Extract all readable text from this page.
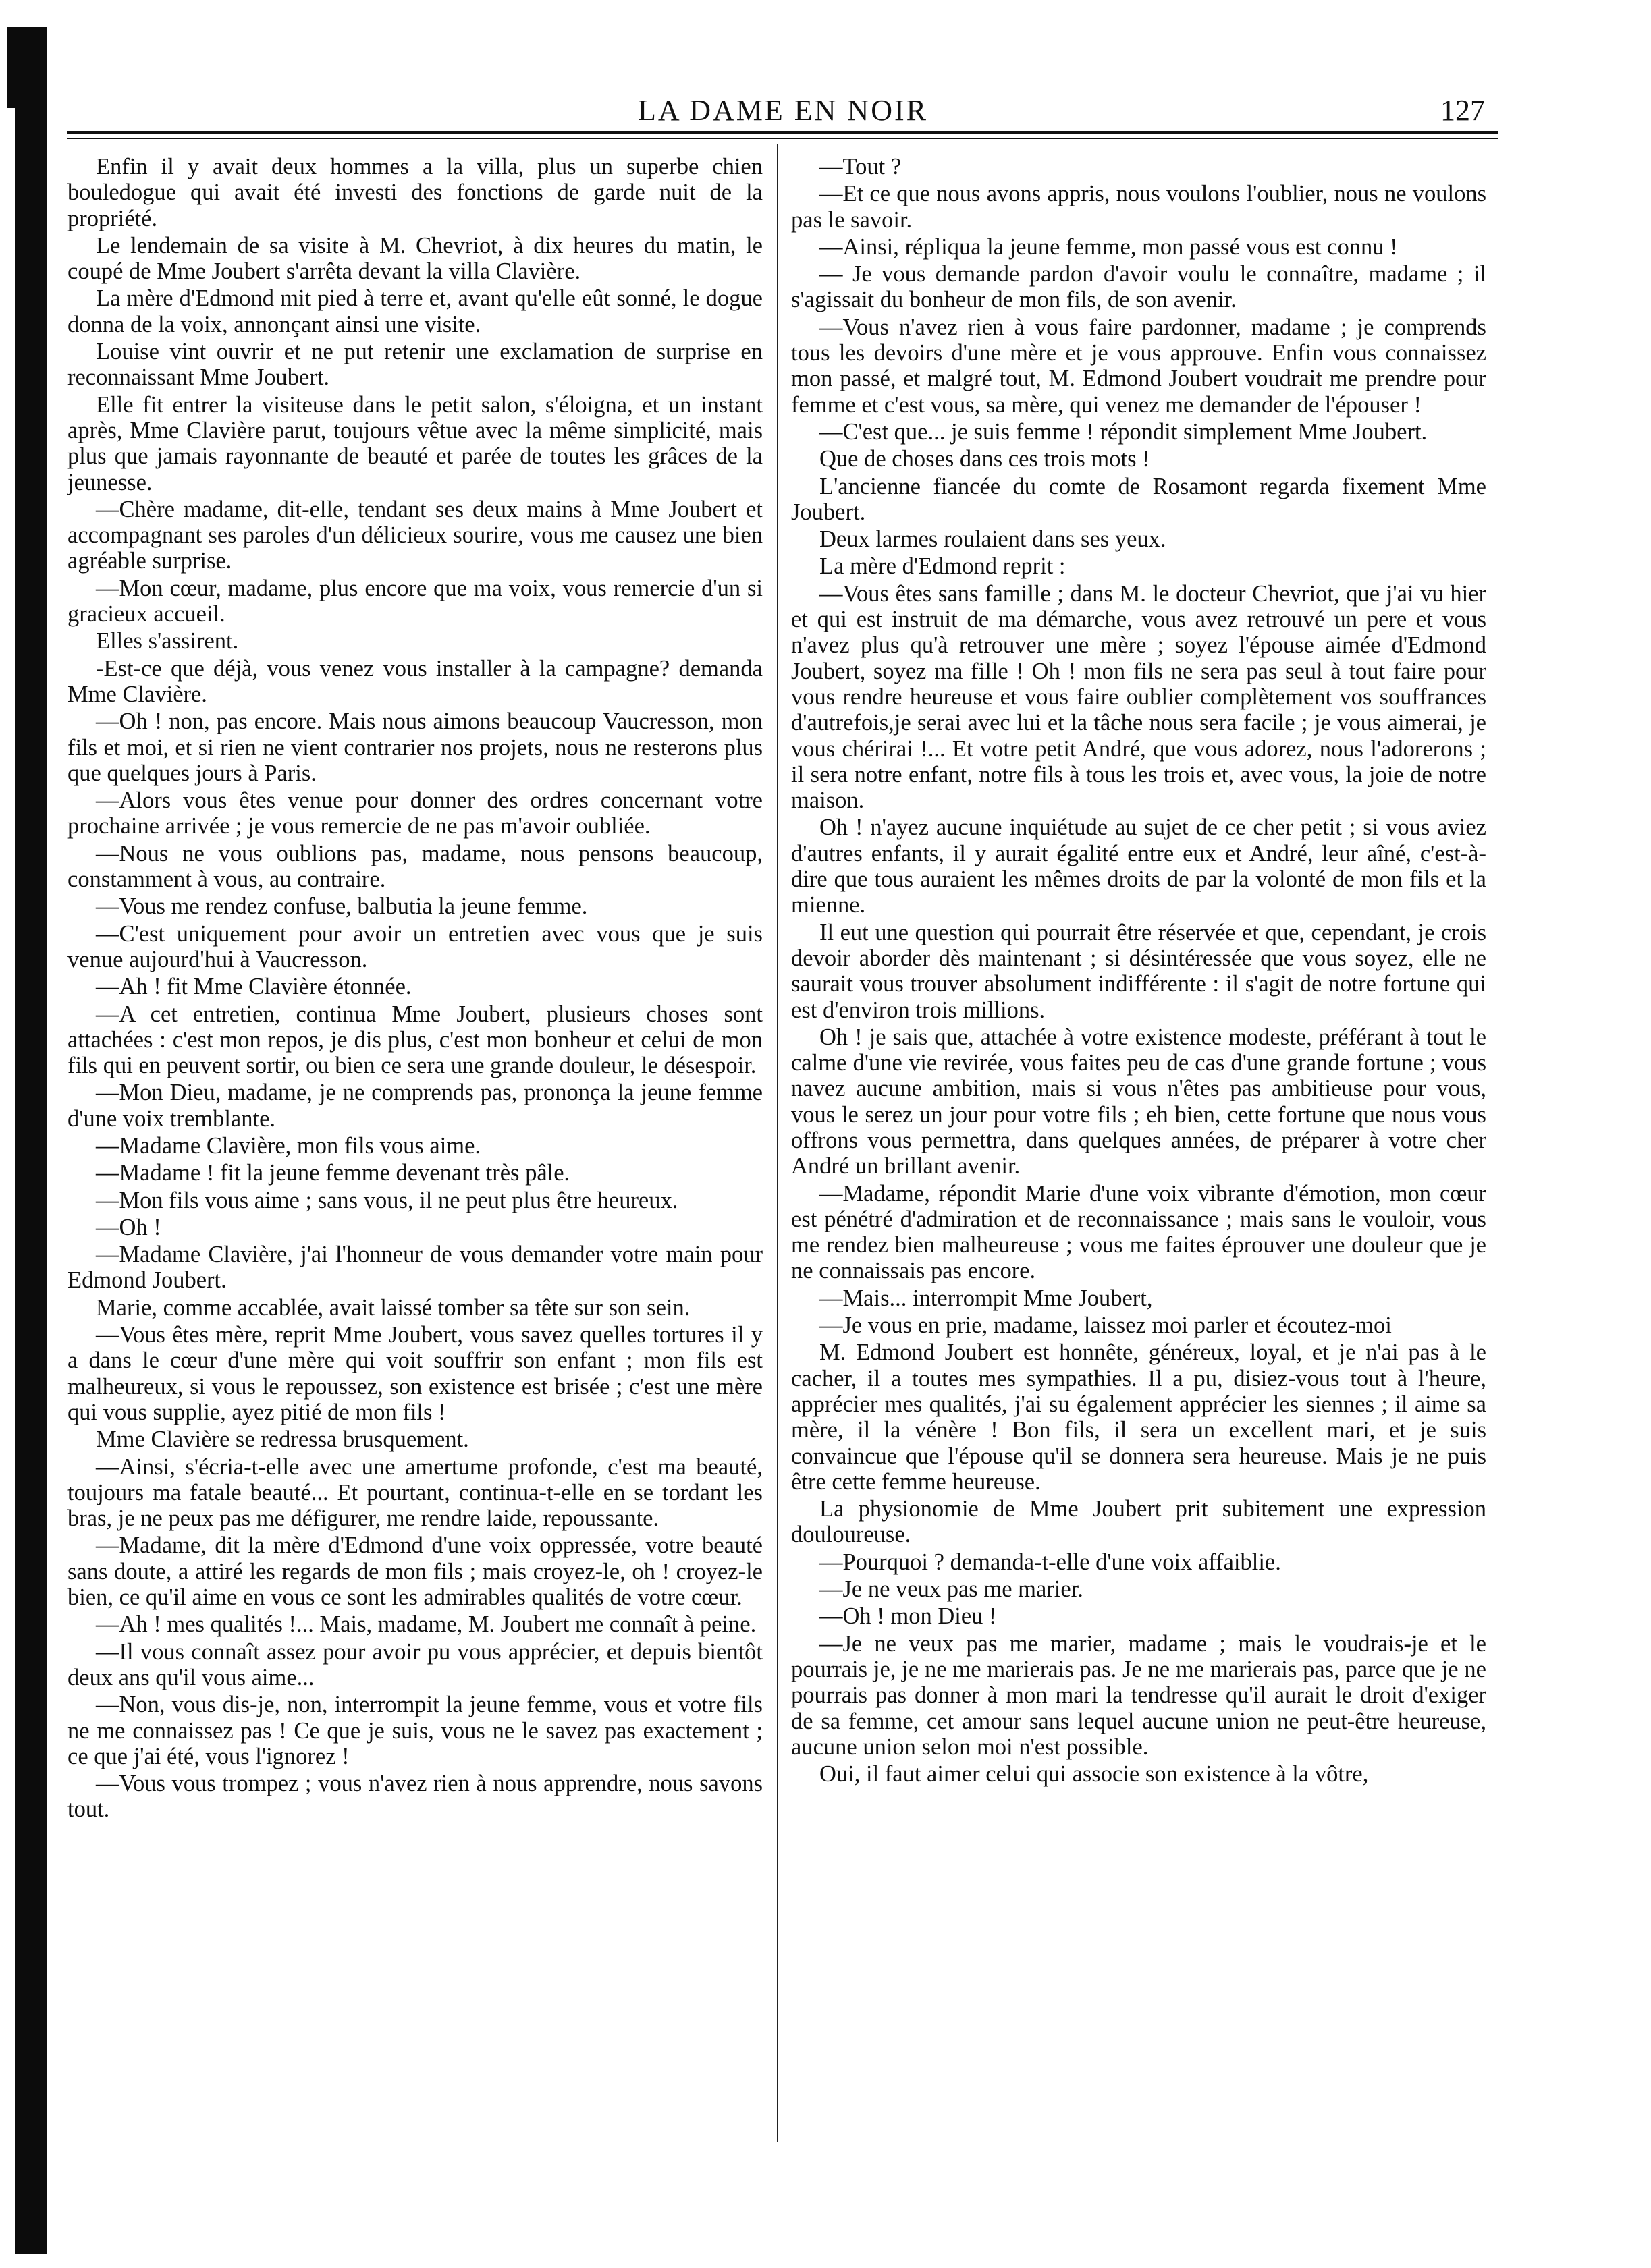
LA DAME EN NOIR	127

Enfin il y avait deux hommes a la villa, plus un superbe chien bouledogue qui avait été investi des fonctions de garde nuit de la propriété.

Le lendemain de sa visite à M. Chevriot, à dix heures du matin, le coupé de Mme Joubert s'arrêta devant la villa Clavière.

La mère d'Edmond mit pied à terre et, avant qu'elle eût sonné, le dogue donna de la voix, annonçant ainsi une visite.

Louise vint ouvrir et ne put retenir une exclamation de surprise en reconnaissant Mme Joubert.

Elle fit entrer la visiteuse dans le petit salon, s'éloigna, et un instant après, Mme Clavière parut, toujours vêtue avec la même simplicité, mais plus que jamais rayonnante de beauté et parée de toutes les grâces de la jeunesse.

—Chère madame, dit-elle, tendant ses deux mains à Mme Joubert et accompagnant ses paroles d'un délicieux sourire, vous me causez une bien agréable surprise.

—Mon cœur, madame, plus encore que ma voix, vous remercie d'un si gracieux accueil.

Elles s'assirent.

-Est-ce que déjà, vous venez vous installer à la campagne? demanda Mme Clavière.

—Oh ! non, pas encore. Mais nous aimons beaucoup Vaucresson, mon fils et moi, et si rien ne vient contrarier nos projets, nous ne resterons plus que quelques jours à Paris.

—Alors vous êtes venue pour donner des ordres concernant votre prochaine arrivée ; je vous remercie de ne pas m'avoir oubliée.

—Nous ne vous oublions pas, madame, nous pensons beaucoup, constamment à vous, au contraire.

—Vous me rendez confuse, balbutia la jeune femme.

—C'est uniquement pour avoir un entretien avec vous que je suis venue aujourd'hui à Vaucresson.

—Ah ! fit Mme Clavière étonnée.

—A cet entretien, continua Mme Joubert, plusieurs choses sont attachées : c'est mon repos, je dis plus, c'est mon bonheur et celui de mon fils qui en peuvent sortir, ou bien ce sera une grande douleur, le désespoir.

—Mon Dieu, madame, je ne comprends pas, prononça la jeune femme d'une voix tremblante.

—Madame Clavière, mon fils vous aime.

—Madame ! fit la jeune femme devenant très pâle.

—Mon fils vous aime ; sans vous, il ne peut plus être heureux.

—Oh !

—Madame Clavière, j'ai l'honneur de vous demander votre main pour Edmond Joubert.

Marie, comme accablée, avait laissé tomber sa tête sur son sein.

—Vous êtes mère, reprit Mme Joubert, vous savez quelles tortures il y a dans le cœur d'une mère qui voit souffrir son enfant ; mon fils est malheureux, si vous le repoussez, son existence est brisée ; c'est une mère qui vous supplie, ayez pitié de mon fils !

Mme Clavière se redressa brusquement.

—Ainsi, s'écria-t-elle avec une amertume profonde, c'est ma beauté, toujours ma fatale beauté... Et pourtant, continua-t-elle en se tordant les bras, je ne peux pas me défigurer, me rendre laide, repoussante.

—Madame, dit la mère d'Edmond d'une voix oppressée, votre beauté sans doute, a attiré les regards de mon fils ; mais croyez-le, oh ! croyez-le bien, ce qu'il aime en vous ce sont les admirables qualités de votre cœur.

—Ah ! mes qualités !... Mais, madame, M. Joubert me connaît à peine.

—Il vous connaît assez pour avoir pu vous apprécier, et depuis bientôt deux ans qu'il vous aime...

—Non, vous dis-je, non, interrompit la jeune femme, vous et votre fils ne me connaissez pas ! Ce que je suis, vous ne le savez pas exactement ; ce que j'ai été, vous l'ignorez !

—Vous vous trompez ; vous n'avez rien à nous apprendre, nous savons tout.

—Tout ?

—Et ce que nous avons appris, nous voulons l'oublier, nous ne voulons pas le savoir.

—Ainsi, répliqua la jeune femme, mon passé vous est connu !

— Je vous demande pardon d'avoir voulu le connaître, madame ; il s'agissait du bonheur de mon fils, de son avenir.

—Vous n'avez rien à vous faire pardonner, madame ; je comprends tous les devoirs d'une mère et je vous approuve. Enfin vous connaissez mon passé, et malgré tout, M. Edmond Joubert voudrait me prendre pour femme et c'est vous, sa mère, qui venez me demander de l'épouser !

—C'est que... je suis femme ! répondit simplement Mme Joubert.

Que de choses dans ces trois mots !

L'ancienne fiancée du comte de Rosamont regarda fixement Mme Joubert.

Deux larmes roulaient dans ses yeux.

La mère d'Edmond reprit :

—Vous êtes sans famille ; dans M. le docteur Chevriot, que j'ai vu hier et qui est instruit de ma démarche, vous avez retrouvé un pere et vous n'avez plus qu'à retrouver une mère ; soyez l'épouse aimée d'Edmond Joubert, soyez ma fille ! Oh ! mon fils ne sera pas seul à tout faire pour vous rendre heureuse et vous faire oublier complètement vos souffrances d'autrefois,je serai avec lui et la tâche nous sera facile ; je vous aimerai, je vous chérirai !... Et votre petit André, que vous adorez, nous l'adorerons ; il sera notre enfant, notre fils à tous les trois et, avec vous, la joie de notre maison.

Oh ! n'ayez aucune inquiétude au sujet de ce cher petit ; si vous aviez d'autres enfants, il y aurait égalité entre eux et André, leur aîné, c'est-à-dire que tous auraient les mêmes droits de par la volonté de mon fils et la mienne.

Il eut une question qui pourrait être réservée et que, cependant, je crois devoir aborder dès maintenant ; si désintéressée que vous soyez, elle ne saurait vous trouver absolument indifférente : il s'agit de notre fortune qui est d'environ trois millions.

Oh ! je sais que, attachée à votre existence modeste, préférant à tout le calme d'une vie revirée, vous faites peu de cas d'une grande fortune ; vous navez aucune ambition, mais si vous n'êtes pas ambitieuse pour vous, vous le serez un jour pour votre fils ; eh bien, cette fortune que nous vous offrons vous permettra, dans quelques années, de préparer à votre cher André un brillant avenir.

—Madame, répondit Marie d'une voix vibrante d'émotion, mon cœur est pénétré d'admiration et de reconnaissance ; mais sans le vouloir, vous me rendez bien malheureuse ; vous me faites éprouver une douleur que je ne connaissais pas encore.

—Mais... interrompit Mme Joubert,

—Je vous en prie, madame, laissez moi parler et écoutez-moi

M. Edmond Joubert est honnête, généreux, loyal, et je n'ai pas à le cacher, il a toutes mes sympathies. Il a pu, disiez-vous tout à l'heure, apprécier mes qualités, j'ai su également apprécier les siennes ; il aime sa mère, il la vénère ! Bon fils, il sera un excellent mari, et je suis convaincue que l'épouse qu'il se donnera sera heureuse. Mais je ne puis être cette femme heureuse.

La physionomie de Mme Joubert prit subitement une expression douloureuse.

—Pourquoi ? demanda-t-elle d'une voix affaiblie.

—Je ne veux pas me marier.

—Oh ! mon Dieu !

—Je ne veux pas me marier, madame ; mais le voudrais-je et le pourrais je, je ne me marierais pas. Je ne me marierais pas, parce que je ne pourrais pas donner à mon mari la tendresse qu'il aurait le droit d'exiger de sa femme, cet amour sans lequel aucune union ne peut-être heureuse, aucune union selon moi n'est possible.

Oui, il faut aimer celui qui associe son existence à la vôtre,
